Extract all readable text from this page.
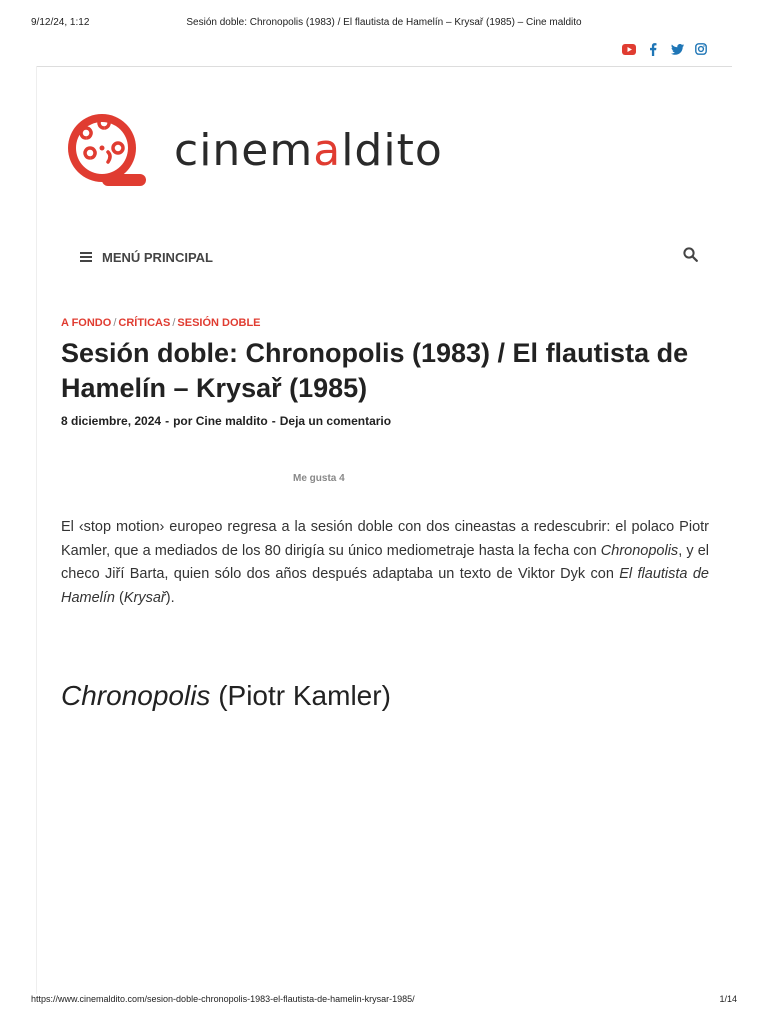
9/12/24, 1:12	Sesión doble: Chronopolis (1983) / El flautista de Hamelín – Krysař (1985) – Cine maldito
cinemaldito
MENÚ PRINCIPAL
A FONDO / CRÍTICAS / SESIÓN DOBLE
Sesión doble: Chronopolis (1983) / El flautista de Hamelín – Krysař (1985)
8 diciembre, 2024 - por Cine maldito - Deja un comentario
Me gusta 4

El ‹stop motion› europeo regresa a la sesión doble con dos cineastas a redescubrir: el polaco Piotr Kamler, que a mediados de los 80 dirigía su único mediometraje hasta la fecha con Chronopolis, y el checo Jiří Barta, quien sólo dos años después adaptaba un texto de Viktor Dyk con El flautista de Hamelín (Krysař).

Chronopolis (Piotr Kamler)
https://www.cinemaldito.com/sesion-doble-chronopolis-1983-el-flautista-de-hamelin-krysar-1985/	1/14
